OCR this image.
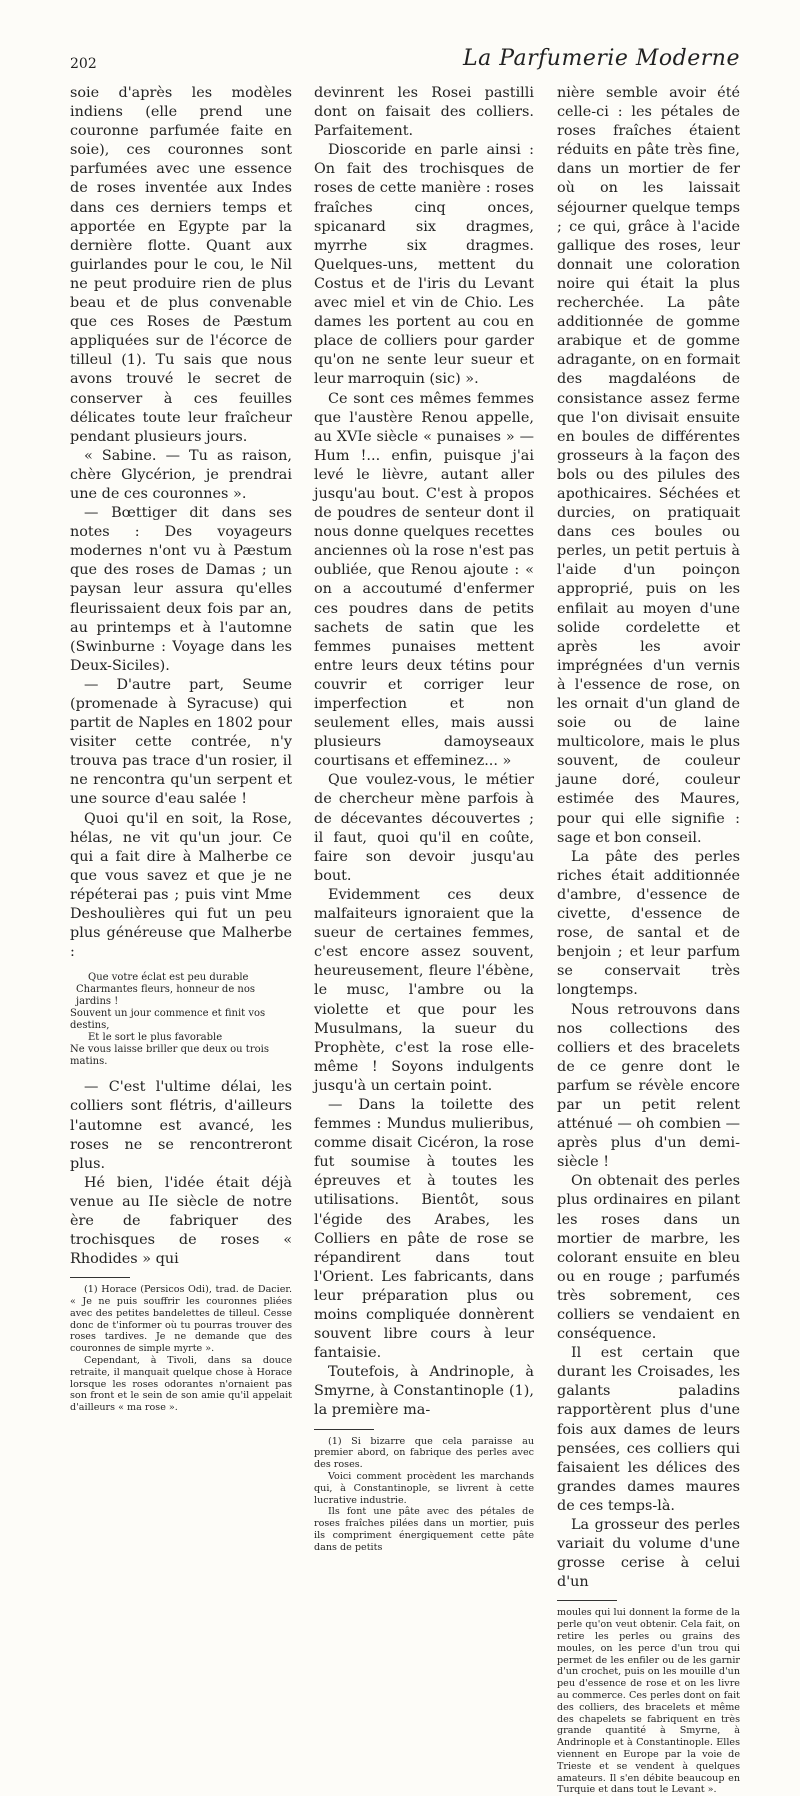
202	La Parfumerie Moderne

soie d'après les modèles indiens (elle prend une couronne parfumée faite en soie), ces couronnes sont parfumées avec une essence de roses inventée aux Indes dans ces derniers temps et apportée en Egypte par la dernière flotte. Quant aux guirlandes pour le cou, le Nil ne peut produire rien de plus beau et de plus convenable que ces Roses de Pæstum appliquées sur de l'écorce de tilleul (1). Tu sais que nous avons trouvé le secret de conserver à ces feuilles délicates toute leur fraîcheur pendant plusieurs jours.

« Sabine. — Tu as raison, chère Glycérion, je prendrai une de ces couronnes ».

— Bœttiger dit dans ses notes : Des voyageurs modernes n'ont vu à Pæstum que des roses de Damas ; un paysan leur assura qu'elles fleurissaient deux fois par an, au printemps et à l'automne (Swinburne : Voyage dans les Deux-Siciles).

— D'autre part, Seume (promenade à Syracuse) qui partit de Naples en 1802 pour visiter cette contrée, n'y trouva pas trace d'un rosier, il ne rencontra qu'un serpent et une source d'eau salée !

Quoi qu'il en soit, la Rose, hélas, ne vit qu'un jour. Ce qui a fait dire à Malherbe ce que vous savez et que je ne répéterai pas ; puis vint Mme Deshoulières qui fut un peu plus généreuse que Malherbe :

Que votre éclat est peu durable
Charmantes fleurs, honneur de nos jardins !
Souvent un jour commence et finit vos destins,
Et le sort le plus favorable
Ne vous laisse briller que deux ou trois matins.

— C'est l'ultime délai, les colliers sont flétris, d'ailleurs l'automne est avancé, les roses ne se rencontreront plus.

Hé bien, l'idée était déjà venue au IIe siècle de notre ère de fabriquer des trochisques de roses « Rhodides » qui

(1) Horace (Persicos Odi), trad. de Dacier. « Je ne puis souffrir les couronnes pliées avec des petites bandelettes de tilleul. Cesse donc de t'informer où tu pourras trouver des roses tardives. Je ne demande que des couronnes de simple myrte ».

Cependant, à Tivoli, dans sa douce retraite, il manquait quelque chose à Horace lorsque les roses odorantes n'ornaient pas son front et le sein de son amie qu'il appelait d'ailleurs « ma rose ».

devinrent les Rosei pastilli dont on faisait des colliers. Parfaitement.

Dioscoride en parle ainsi : On fait des trochisques de roses de cette manière : roses fraîches cinq onces, spicanard six dragmes, myrrhe six dragmes. Quelques-uns, mettent du Costus et de l'iris du Levant avec miel et vin de Chio. Les dames les portent au cou en place de colliers pour garder qu'on ne sente leur sueur et leur marroquin (sic) ».

Ce sont ces mêmes femmes que l'austère Renou appelle, au XVIe siècle « punaises » — Hum !... enfin, puisque j'ai levé le lièvre, autant aller jusqu'au bout. C'est à propos de poudres de senteur dont il nous donne quelques recettes anciennes où la rose n'est pas oubliée, que Renou ajoute : « on a accoutumé d'enfermer ces poudres dans de petits sachets de satin que les femmes punaises mettent entre leurs deux tétins pour couvrir et corriger leur imperfection et non seulement elles, mais aussi plusieurs damoyseaux courtisans et effeminez... »

Que voulez-vous, le métier de chercheur mène parfois à de décevantes découvertes ; il faut, quoi qu'il en coûte, faire son devoir jusqu'au bout.

Evidemment ces deux malfaiteurs ignoraient que la sueur de certaines femmes, c'est encore assez souvent, heureusement, fleure l'ébène, le musc, l'ambre ou la violette et que pour les Musulmans, la sueur du Prophète, c'est la rose elle-même ! Soyons indulgents jusqu'à un certain point.

— Dans la toilette des femmes : Mundus mulieribus, comme disait Cicéron, la rose fut soumise à toutes les épreuves et à toutes les utilisations. Bientôt, sous l'égide des Arabes, les Colliers en pâte de rose se répandirent dans tout l'Orient. Les fabricants, dans leur préparation plus ou moins compliquée donnèrent souvent libre cours à leur fantaisie.

Toutefois, à Andrinople, à Smyrne, à Constantinople (1), la première ma-

(1) Si bizarre que cela paraisse au premier abord, on fabrique des perles avec des roses.

Voici comment procèdent les marchands qui, à Constantinople, se livrent à cette lucrative industrie.

Ils font une pâte avec des pétales de roses fraîches pilées dans un mortier, puis ils compriment énergiquement cette pâte dans de petits

nière semble avoir été celle-ci : les pétales de roses fraîches étaient réduits en pâte très fine, dans un mortier de fer où on les laissait séjourner quelque temps ; ce qui, grâce à l'acide gallique des roses, leur donnait une coloration noire qui était la plus recherchée. La pâte additionnée de gomme arabique et de gomme adragante, on en formait des magdaléons de consistance assez ferme que l'on divisait ensuite en boules de différentes grosseurs à la façon des bols ou des pilules des apothicaires. Séchées et durcies, on pratiquait dans ces boules ou perles, un petit pertuis à l'aide d'un poinçon approprié, puis on les enfilait au moyen d'une solide cordelette et après les avoir imprégnées d'un vernis à l'essence de rose, on les ornait d'un gland de soie ou de laine multicolore, mais le plus souvent, de couleur jaune doré, couleur estimée des Maures, pour qui elle signifie : sage et bon conseil.

La pâte des perles riches était additionnée d'ambre, d'essence de civette, d'essence de rose, de santal et de benjoin ; et leur parfum se conservait très longtemps.

Nous retrouvons dans nos collections des colliers et des bracelets de ce genre dont le parfum se révèle encore par un petit relent atténué — oh combien — après plus d'un demi-siècle !

On obtenait des perles plus ordinaires en pilant les roses dans un mortier de marbre, les colorant ensuite en bleu ou en rouge ; parfumés très sobrement, ces colliers se vendaient en conséquence.

Il est certain que durant les Croisades, les galants paladins rapportèrent plus d'une fois aux dames de leurs pensées, ces colliers qui faisaient les délices des grandes dames maures de ces temps-là.

La grosseur des perles variait du volume d'une grosse cerise à celui d'un

moules qui lui donnent la forme de la perle qu'on veut obtenir. Cela fait, on retire les perles ou grains des moules, on les perce d'un trou qui permet de les enfiler ou de les garnir d'un crochet, puis on les mouille d'un peu d'essence de rose et on les livre au commerce. Ces perles dont on fait des colliers, des bracelets et même des chapelets se fabriquent en très grande quantité à Smyrne, à Andrinople et à Constantinople. Elles viennent en Europe par la voie de Trieste et se vendent à quelques amateurs. Il s'en débite beaucoup en Turquie et dans tout le Levant ».
